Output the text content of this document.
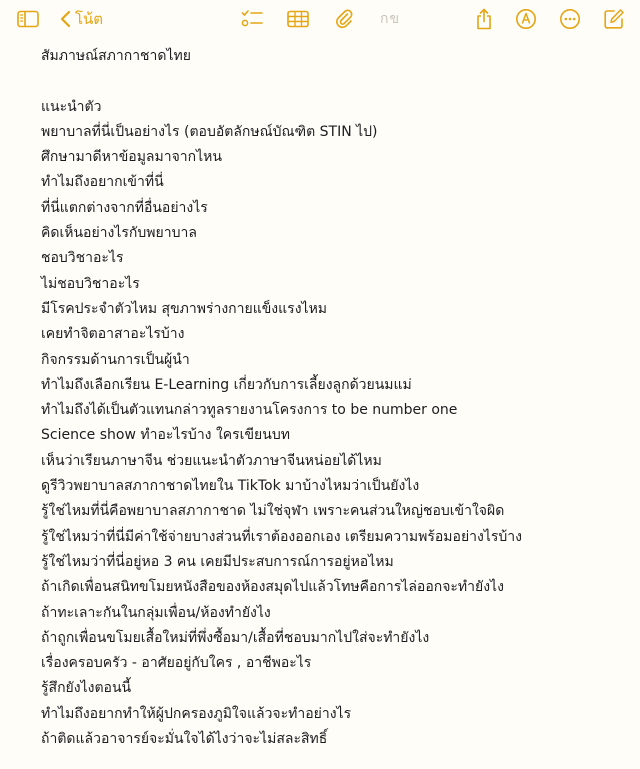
โน้ต	กข
สัมภาษณ์สภากาชาดไทย
แนะนำตัว
พยาบาลที่นี่เป็นอย่างไร (ตอบอัตลักษณ์บัณฑิต STIN ไป)
ศึกษามาดีหาข้อมูลมาจากไหน
ทำไมถึงอยากเข้าที่นี่
ที่นี่แตกต่างจากที่อื่นอย่างไร
คิดเห็นอย่างไรกับพยาบาล
ชอบวิชาอะไร
ไม่ชอบวิชาอะไร
มีโรคประจำตัวไหม สุขภาพร่างกายแข็งแรงไหม
เคยทำจิตอาสาอะไรบ้าง
กิจกรรมด้านการเป็นผู้นำ
ทำไมถึงเลือกเรียน E-Learning เกี่ยวกับการเลี้ยงลูกด้วยนมแม่
ทำไมถึงได้เป็นตัวแทนกล่าวทูลรายงานโครงการ to be number one
Science show ทำอะไรบ้าง ใครเขียนบท
เห็นว่าเรียนภาษาจีน ช่วยแนะนำตัวภาษาจีนหน่อยได้ไหม
ดูรีวิวพยาบาลสภากาชาดไทยใน TikTok มาบ้างไหมว่าเป็นยังไง
รู้ใช่ไหมที่นี่คือพยาบาลสภากาชาด ไม่ใช่จุฬา เพราะคนส่วนใหญ่ชอบเข้าใจผิด
รู้ใช่ไหมว่าที่นี่มีค่าใช้จ่ายบางส่วนที่เราต้องออกเอง เตรียมความพร้อมอย่างไรบ้าง
รู้ใช่ไหมว่าที่นี่อยู่หอ 3 คน เคยมีประสบการณ์การอยู่หอไหม
ถ้าเกิดเพื่อนสนิทขโมยหนังสือของห้องสมุดไปแล้วโทษคือการไล่ออกจะทำยังไง
ถ้าทะเลาะกันในกลุ่มเพื่อน/ห้องทำยังไง
ถ้าถูกเพื่อนขโมยเสื้อใหม่ที่พึ่งซื้อมา/เสื้อที่ชอบมากไปใส่จะทำยังไง
เรื่องครอบครัว - อาศัยอยู่กับใคร , อาชีพอะไร
รู้สึกยังไงตอนนี้
ทำไมถึงอยากทำให้ผู้ปกครองภูมิใจแล้วจะทำอย่างไร
ถ้าติดแล้วอาจารย์จะมั่นใจได้ไงว่าจะไม่สละสิทธิ์
